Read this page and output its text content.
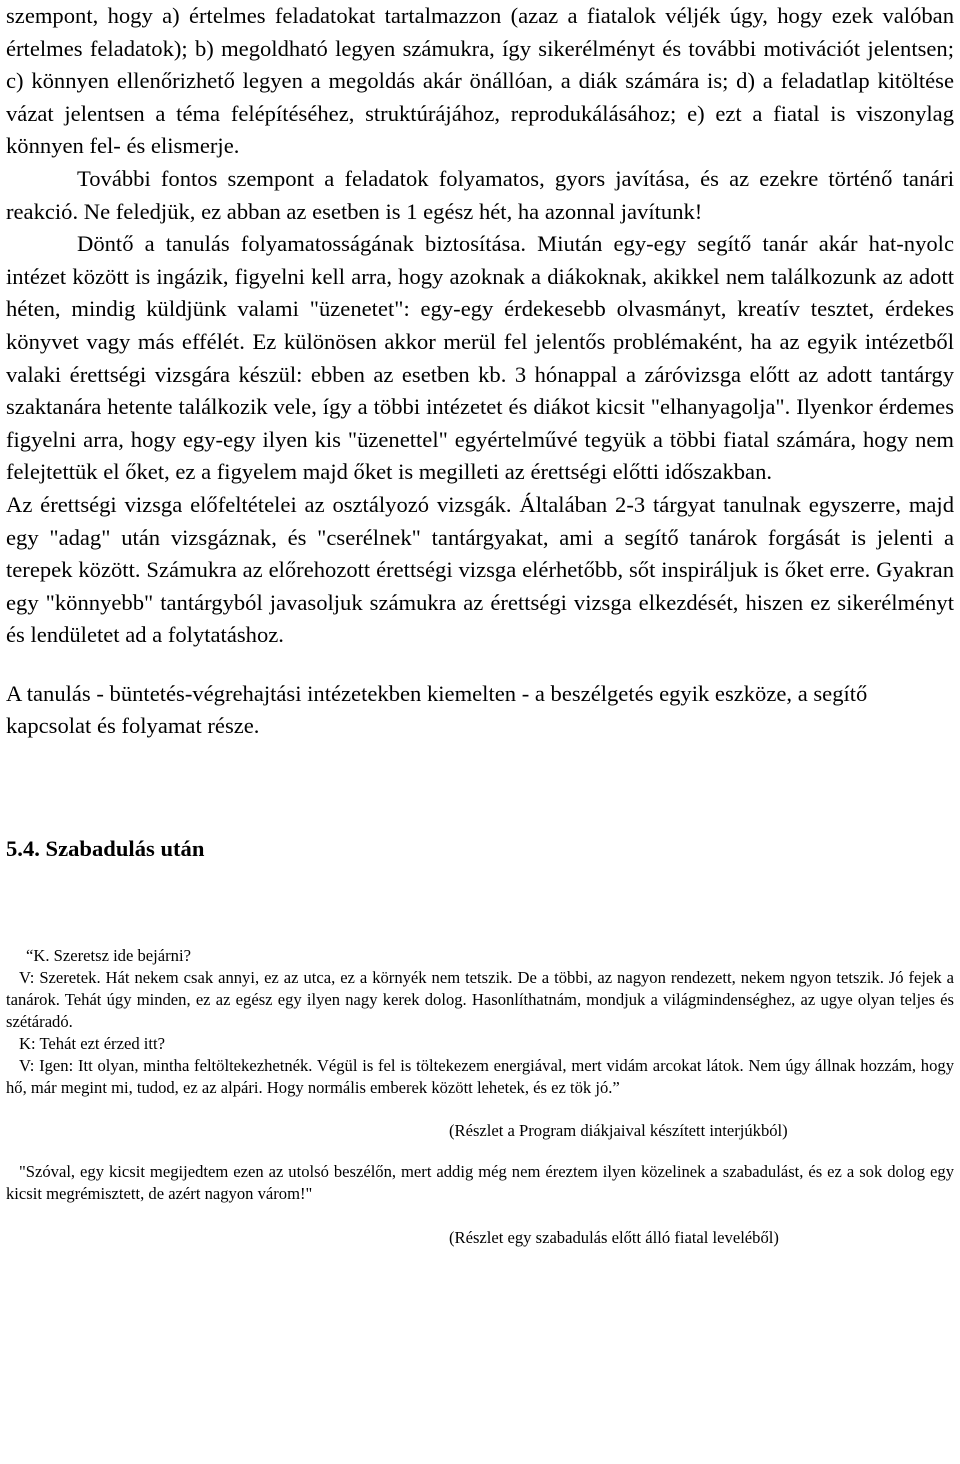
szempont, hogy a) értelmes feladatokat tartalmazzon (azaz a fiatalok véljék úgy, hogy ezek valóban értelmes feladatok); b) megoldható legyen számukra, így sikerélményt és további motivációt jelentsen; c) könnyen ellenőrizhető legyen a megoldás akár önállóan, a diák számára is; d) a feladatlap kitöltése vázat jelentsen a téma felépítéséhez, struktúrájához, reprodukálásához; e) ezt a fiatal is viszonylag könnyen fel- és elismerje.

További fontos szempont a feladatok folyamatos, gyors javítása, és az ezekre történő tanári reakció. Ne feledjük, ez abban az esetben is 1 egész hét, ha azonnal javítunk!

Döntő a tanulás folyamatosságának biztosítása. Miután egy-egy segítő tanár akár hat-nyolc intézet között is ingázik, figyelni kell arra, hogy azoknak a diákoknak, akikkel nem találkozunk az adott héten, mindig küldjünk valami "üzenetet": egy-egy érdekesebb olvasmányt, kreatív tesztet, érdekes könyvet vagy más effélét. Ez különösen akkor merül fel jelentős problémaként, ha az egyik intézetből valaki érettségi vizsgára készül: ebben az esetben kb. 3 hónappal a záróvizsga előtt az adott tantárgy szaktanára hetente találkozik vele, így a többi intézetet és diákot kicsit "elhanyagolja". Ilyenkor érdemes figyelni arra, hogy egy-egy ilyen kis "üzenettel" egyértelművé tegyük a többi fiatal számára, hogy nem felejtettük el őket, ez a figyelem majd őket is megilleti az érettségi előtti időszakban.

Az érettségi vizsga előfeltételei az osztályozó vizsgák. Általában 2-3 tárgyat tanulnak egyszerre, majd egy "adag" után vizsgáznak, és "cserélnek" tantárgyakat, ami a segítő tanárok forgását is jelenti a terepek között. Számukra az előrehozott érettségi vizsga elérhetőbb, sőt inspiráljuk is őket erre. Gyakran egy "könnyebb" tantárgyból javasoljuk számukra az érettségi vizsga elkezdését, hiszen ez sikerélményt és lendületet ad a folytatáshoz.

A tanulás - büntetés-végrehajtási intézetekben kiemelten - a beszélgetés egyik eszköze, a segítő kapcsolat és folyamat része.

5.4. Szabadulás után

“K. Szeretsz ide bejárni?

V: Szeretek. Hát nekem csak annyi, ez az utca, ez a környék nem tetszik. De a többi, az nagyon rendezett, nekem ngyon tetszik. Jó fejek a tanárok. Tehát úgy minden, ez az egész egy ilyen nagy kerek dolog. Hasonlíthatnám, mondjuk a világmindenséghez, az ugye olyan teljes és szétáradó.

K: Tehát ezt érzed itt?

V: Igen: Itt olyan, mintha feltöltekezhetnék. Végül is fel is töltekezem energiával, mert vidám arcokat látok. Nem úgy állnak hozzám, hogy hő, már megint mi, tudod, ez az alpári. Hogy normális emberek között lehetek, és ez tök jó.”

(Részlet a Program diákjaival készített interjúkból)

"Szóval, egy kicsit megijedtem ezen az utolsó beszélőn, mert addig még nem éreztem ilyen közelinek a szabadulást, és ez a sok dolog egy kicsit megrémisztett, de azért nagyon várom!"

(Részlet egy szabadulás előtt álló fiatal leveléből)
